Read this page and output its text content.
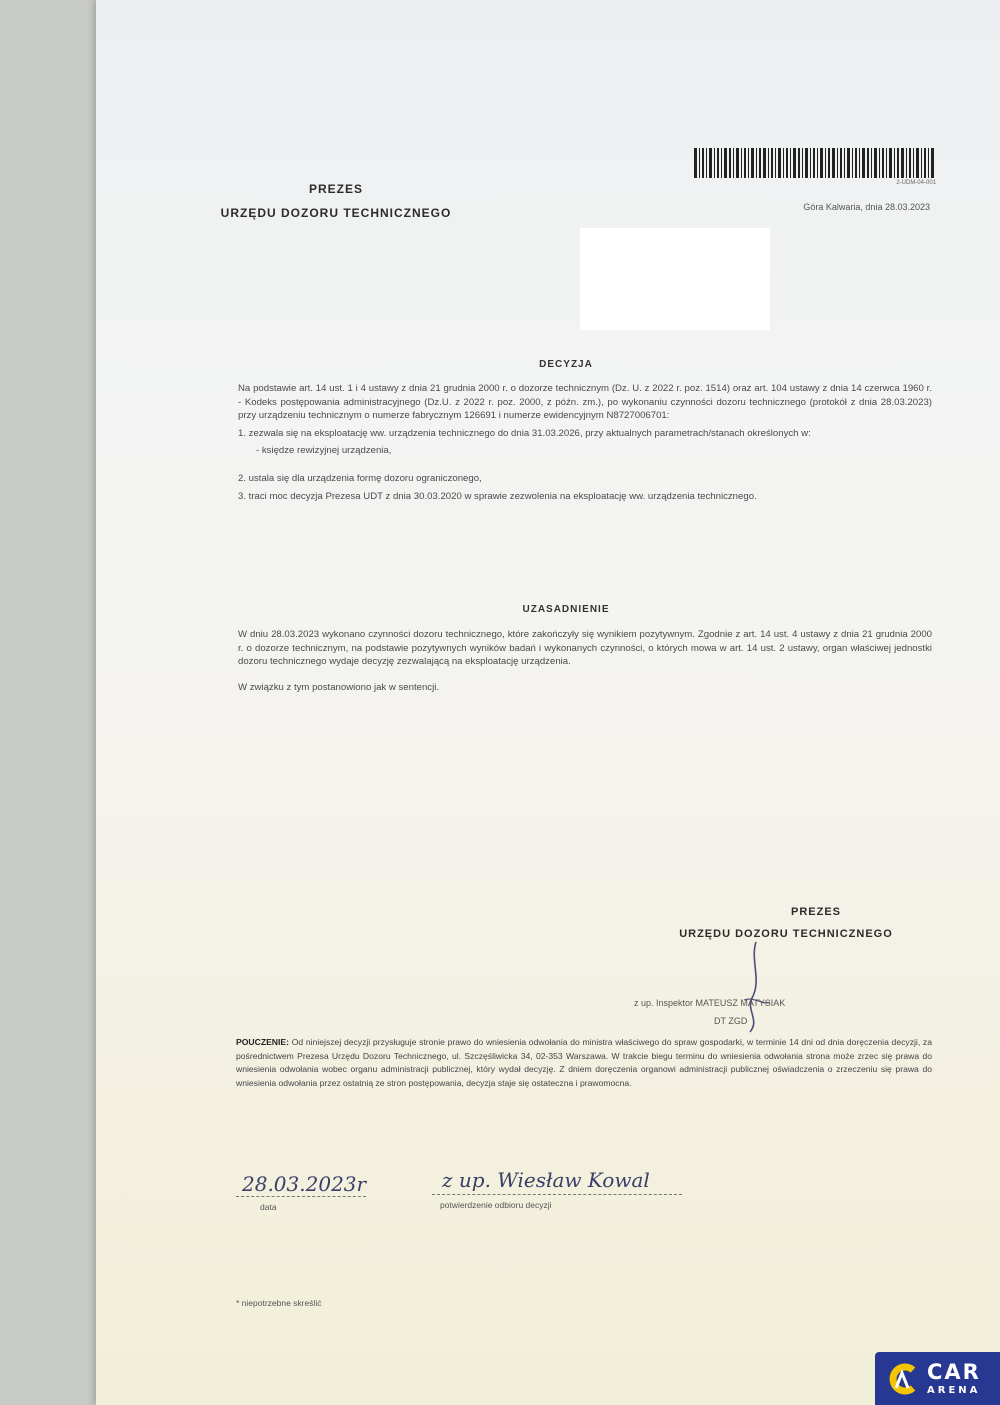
PREZES
URZĘDU DOZORU TECHNICZNEGO
2-UDM-04-001
Góra Kalwaria, dnia 28.03.2023
DECYZJA

Na podstawie art. 14 ust. 1 i 4 ustawy z dnia 21 grudnia 2000 r. o dozorze technicznym (Dz. U. z 2022 r. poz. 1514) oraz art. 104 ustawy z dnia 14 czerwca 1960 r. - Kodeks postępowania administracyjnego (Dz.U. z 2022 r. poz. 2000, z późn. zm.), po wykonaniu czynności dozoru technicznego (protokół z dnia 28.03.2023) przy urządzeniu technicznym o numerze fabrycznym 126691 i numerze ewidencyjnym N8727006701:

1. zezwala się na eksploatację ww. urządzenia technicznego do dnia 31.03.2026, przy aktualnych parametrach/stanach określonych w:

- księdze rewizyjnej urządzenia,

2. ustala się dla urządzenia formę dozoru ograniczonego,

3. traci moc decyzja Prezesa UDT z dnia 30.03.2020 w sprawie zezwolenia na eksploatację ww. urządzenia technicznego.

UZASADNIENIE

W dniu 28.03.2023 wykonano czynności dozoru technicznego, które zakończyły się wynikiem pozytywnym. Zgodnie z art. 14 ust. 4 ustawy z dnia 21 grudnia 2000 r. o dozorze technicznym, na podstawie pozytywnych wyników badań i wykonanych czynności, o których mowa w art. 14 ust. 2 ustawy, organ właściwej jednostki dozoru technicznego wydaje decyzję zezwalającą na eksploatację urządzenia.

W związku z tym postanowiono jak w sentencji.

PREZES
URZĘDU DOZORU TECHNICZNEGO
z up. Inspektor MATEUSZ MATYSIAK
DT ZGD
POUCZENIE: Od niniejszej decyzji przysługuje stronie prawo do wniesienia odwołania do ministra właściwego do spraw gospodarki, w terminie 14 dni od dnia doręczenia decyzji, za pośrednictwem Prezesa Urzędu Dozoru Technicznego, ul. Szczęśliwicka 34, 02-353 Warszawa. W trakcie biegu terminu do wniesienia odwołania strona może zrzec się prawa do wniesienia odwołania wobec organu administracji publicznej, który wydał decyzję. Z dniem doręczenia organowi administracji publicznej oświadczenia o zrzeczeniu się prawa do wniesienia odwołania przez ostatnią ze stron postępowania, decyzja staje się ostateczna i prawomocna.
28.03.2023r
data
z up. Wiesław Kowal
potwierdzenie odbioru decyzji
* niepotrzebne skreślić
CAR
ARENA
